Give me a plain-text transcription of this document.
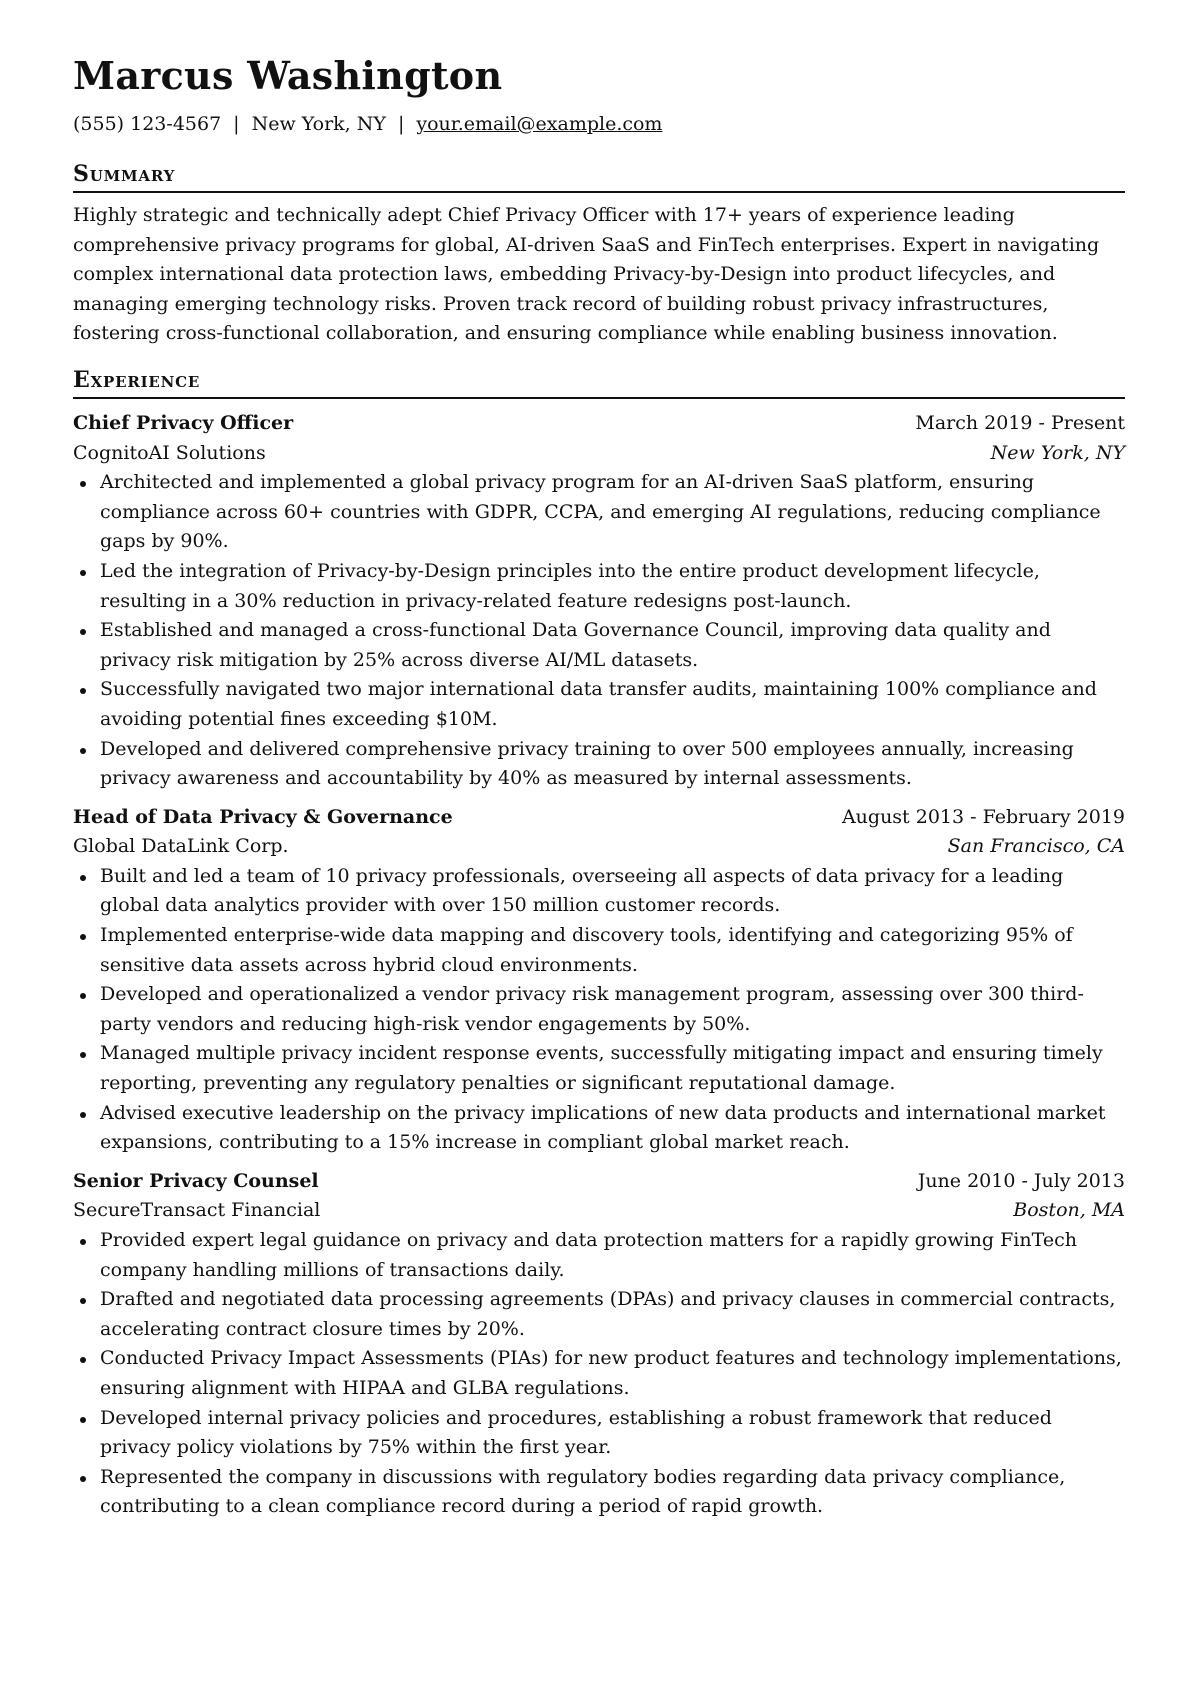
Marcus Washington
(555) 123-4567 | New York, NY | your.email@example.com
Summary
Highly strategic and technically adept Chief Privacy Officer with 17+ years of experience leading comprehensive privacy programs for global, AI-driven SaaS and FinTech enterprises. Expert in navigating complex international data protection laws, embedding Privacy-by-Design into product lifecycles, and managing emerging technology risks. Proven track record of building robust privacy infrastructures, fostering cross-functional collaboration, and ensuring compliance while enabling business innovation.
Experience
Chief Privacy Officer	March 2019 - Present
CognitoAI Solutions	New York, NY
Architected and implemented a global privacy program for an AI-driven SaaS platform, ensuring compliance across 60+ countries with GDPR, CCPA, and emerging AI regulations, reducing compliance gaps by 90%.
Led the integration of Privacy-by-Design principles into the entire product development lifecycle, resulting in a 30% reduction in privacy-related feature redesigns post-launch.
Established and managed a cross-functional Data Governance Council, improving data quality and privacy risk mitigation by 25% across diverse AI/ML datasets.
Successfully navigated two major international data transfer audits, maintaining 100% compliance and avoiding potential fines exceeding $10M.
Developed and delivered comprehensive privacy training to over 500 employees annually, increasing privacy awareness and accountability by 40% as measured by internal assessments.
Head of Data Privacy & Governance	August 2013 - February 2019
Global DataLink Corp.	San Francisco, CA
Built and led a team of 10 privacy professionals, overseeing all aspects of data privacy for a leading global data analytics provider with over 150 million customer records.
Implemented enterprise-wide data mapping and discovery tools, identifying and categorizing 95% of sensitive data assets across hybrid cloud environments.
Developed and operationalized a vendor privacy risk management program, assessing over 300 third-party vendors and reducing high-risk vendor engagements by 50%.
Managed multiple privacy incident response events, successfully mitigating impact and ensuring timely reporting, preventing any regulatory penalties or significant reputational damage.
Advised executive leadership on the privacy implications of new data products and international market expansions, contributing to a 15% increase in compliant global market reach.
Senior Privacy Counsel	June 2010 - July 2013
SecureTransact Financial	Boston, MA
Provided expert legal guidance on privacy and data protection matters for a rapidly growing FinTech company handling millions of transactions daily.
Drafted and negotiated data processing agreements (DPAs) and privacy clauses in commercial contracts, accelerating contract closure times by 20%.
Conducted Privacy Impact Assessments (PIAs) for new product features and technology implementations, ensuring alignment with HIPAA and GLBA regulations.
Developed internal privacy policies and procedures, establishing a robust framework that reduced privacy policy violations by 75% within the first year.
Represented the company in discussions with regulatory bodies regarding data privacy compliance, contributing to a clean compliance record during a period of rapid growth.
